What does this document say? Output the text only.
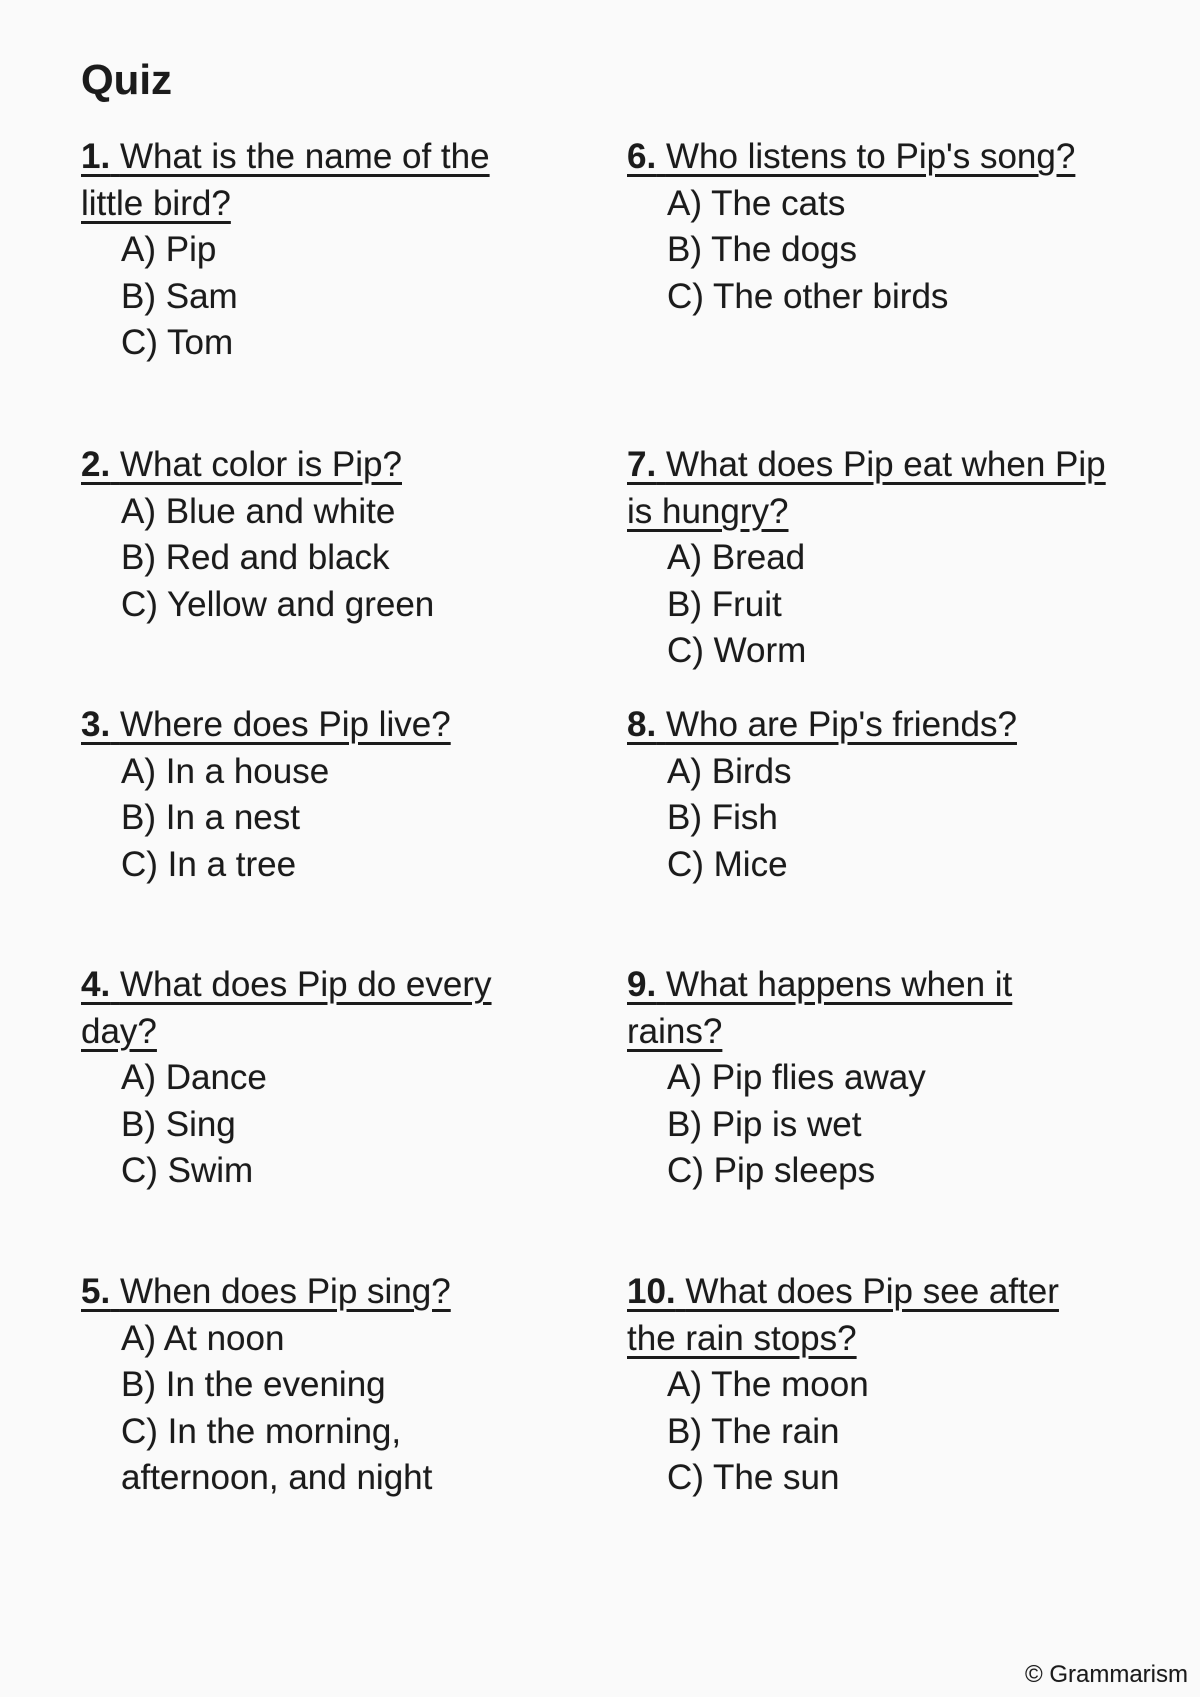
Quiz
1. What is the name of the little bird?
A) Pip
B) Sam
C) Tom
2. What color is Pip?
A) Blue and white
B) Red and black
C) Yellow and green
3. Where does Pip live?
A) In a house
B) In a nest
C) In a tree
4. What does Pip do every day?
A) Dance
B) Sing
C) Swim
5. When does Pip sing?
A) At noon
B) In the evening
C) In the morning, afternoon, and night
6. Who listens to Pip's song?
A) The cats
B) The dogs
C) The other birds
7. What does Pip eat when Pip is hungry?
A) Bread
B) Fruit
C) Worm
8. Who are Pip's friends?
A) Birds
B) Fish
C) Mice
9. What happens when it rains?
A) Pip flies away
B) Pip is wet
C) Pip sleeps
10. What does Pip see after the rain stops?
A) The moon
B) The rain
C) The sun
© Grammarism
